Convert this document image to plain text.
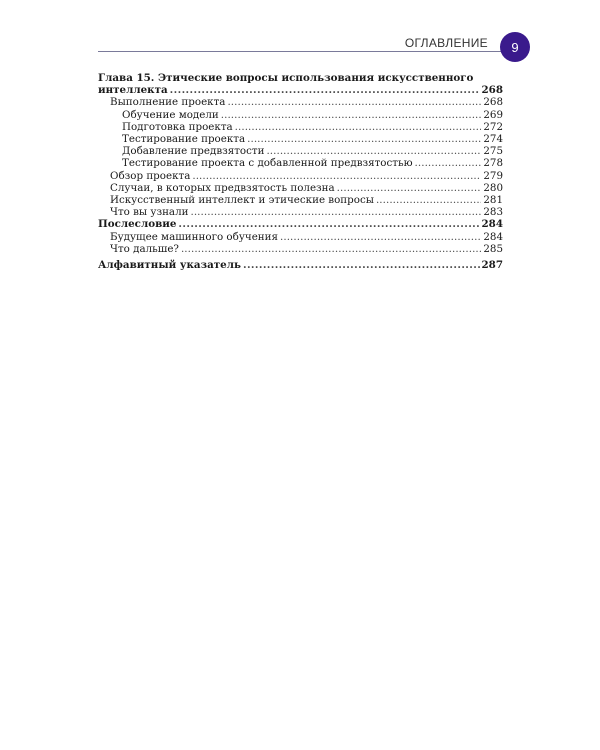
ОГЛАВЛЕНИЕ	9
Глава 15. Этические вопросы использования искусственного
интеллекта . . .	268
Выполнение проекта . . .	268
Обучение модели . . .	269
Подготовка проекта . . .	272
Тестирование проекта . . .	274
Добавление предвзятости . . .	275
Тестирование проекта с добавленной предвзятостью . . .	278
Обзор проекта . . .	279
Случаи, в которых предвзятость полезна . . .	280
Искусственный интеллект и этические вопросы . . .	281
Что вы узнали . . .	283
Послесловие . . .	284
Будущее машинного обучения . . .	284
Что дальше? . . .	285
Алфавитный указатель . . .	287
